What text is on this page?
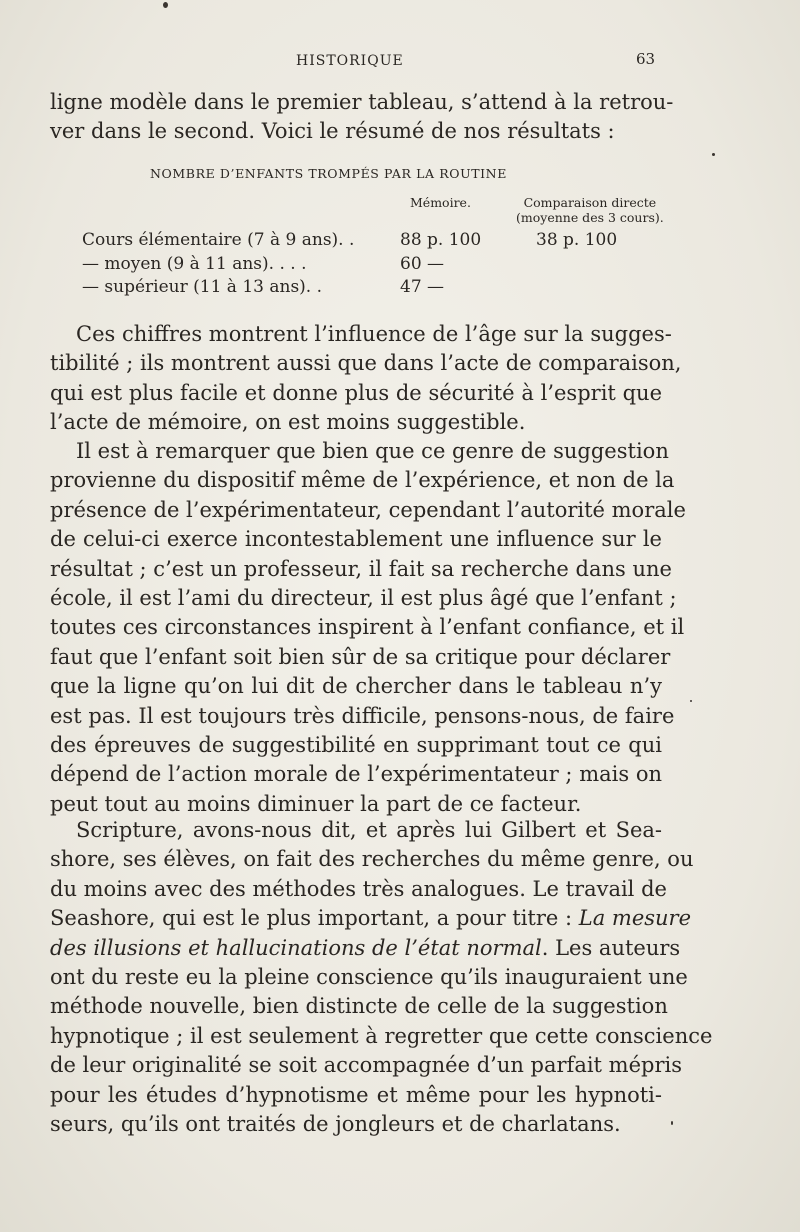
HISTORIQUE	63
ligne modèle dans le premier tableau, s’attend à la retrou-
ver dans le second. Voici le résumé de nos résultats :
NOMBRE D’ENFANTS TROMPÉS PAR LA ROUTINE
Mémoire.	Comparaison directe
(moyenne des 3 cours).
Cours élémentaire (7 à 9 ans). .	88 p. 100	38 p. 100
— moyen (9 à 11 ans). . . .	60 —
— supérieur (11 à 13 ans). .	47 —
Ces chiffres montrent l’influence de l’âge sur la sugges-
tibilité ; ils montrent aussi que dans l’acte de comparaison,
qui est plus facile et donne plus de sécurité à l’esprit que
l’acte de mémoire, on est moins suggestible.
Il est à remarquer que bien que ce genre de suggestion
provienne du dispositif même de l’expérience, et non de la
présence de l’expérimentateur, cependant l’autorité morale
de celui-ci exerce incontestablement une influence sur le
résultat ; c’est un professeur, il fait sa recherche dans une
école, il est l’ami du directeur, il est plus âgé que l’enfant ;
toutes ces circonstances inspirent à l’enfant confiance, et il
faut que l’enfant soit bien sûr de sa critique pour déclarer
que la ligne qu’on lui dit de chercher dans le tableau n’y
est pas. Il est toujours très difficile, pensons-nous, de faire
des épreuves de suggestibilité en supprimant tout ce qui
dépend de l’action morale de l’expérimentateur ; mais on
peut tout au moins diminuer la part de ce facteur.
Scripture, avons-nous dit, et après lui Gilbert et Sea-
shore, ses élèves, on fait des recherches du même genre, ou
du moins avec des méthodes très analogues. Le travail de
Seashore, qui est le plus important, a pour titre : La mesure
des illusions et hallucinations de l’état normal. Les auteurs
ont du reste eu la pleine conscience qu’ils inauguraient une
méthode nouvelle, bien distincte de celle de la suggestion
hypnotique ; il est seulement à regretter que cette conscience
de leur originalité se soit accompagnée d’un parfait mépris
pour les études d’hypnotisme et même pour les hypnoti-
seurs, qu’ils ont traités de jongleurs et de charlatans.
